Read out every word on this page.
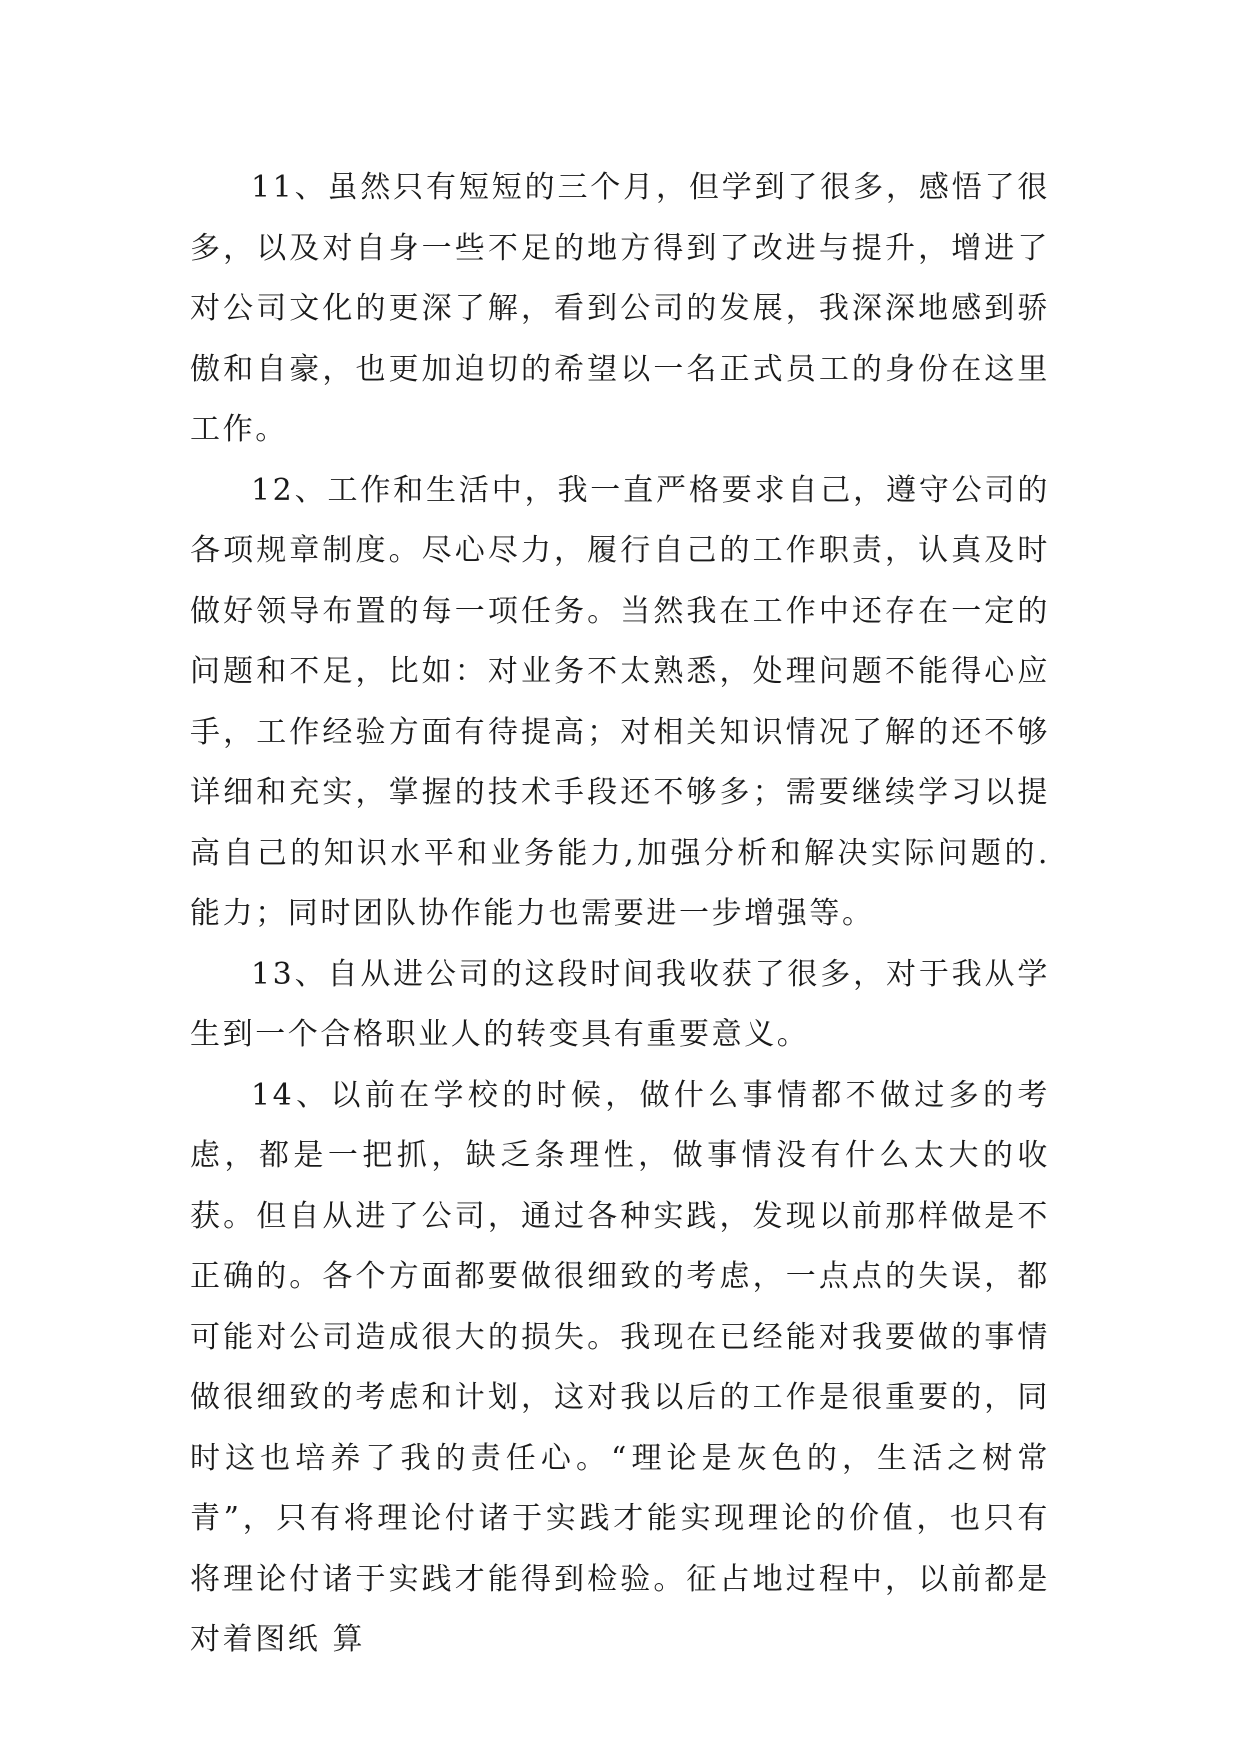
11、虽然只有短短的三个月，但学到了很多，感悟了很多，以及对自身一些不足的地方得到了改进与提升，增进了对公司文化的更深了解，看到公司的发展，我深深地感到骄傲和自豪，也更加迫切的希望以一名正式员工的身份在这里工作。

12、工作和生活中，我一直严格要求自己，遵守公司的各项规章制度。尽心尽力，履行自己的工作职责，认真及时做好领导布置的每一项任务。当然我在工作中还存在一定的问题和不足，比如：对业务不太熟悉，处理问题不能得心应手，工作经验方面有待提高；对相关知识情况了解的还不够详细和充实，掌握的技术手段还不够多；需要继续学习以提高自己的知识水平和业务能力,加强分析和解决实际问题的.能力；同时团队协作能力也需要进一步增强等。

13、自从进公司的这段时间我收获了很多，对于我从学生到一个合格职业人的转变具有重要意义。

14、以前在学校的时候，做什么事情都不做过多的考虑，都是一把抓，缺乏条理性，做事情没有什么太大的收获。但自从进了公司，通过各种实践，发现以前那样做是不正确的。各个方面都要做很细致的考虑，一点点的失误，都可能对公司造成很大的损失。我现在已经能对我要做的事情做很细致的考虑和计划，这对我以后的工作是很重要的，同时这也培养了我的责任心。“理论是灰色的，生活之树常青”，只有将理论付诸于实践才能实现理论的价值，也只有将理论付诸于实践才能得到检验。征占地过程中，以前都是对着图纸 算
